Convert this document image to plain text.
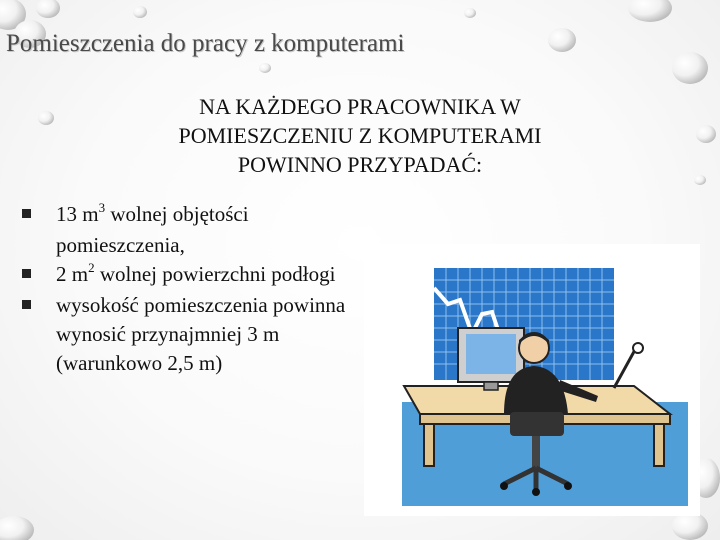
Pomieszczenia do pracy z komputerami
NA KAŻDEGO PRACOWNIKA W
POMIESZCZENIU Z KOMPUTERAMI
POWINNO PRZYPADAĆ:
13 $m^3$ wolnej objętości pomieszczenia,
2 $m^2$ wolnej powierzchni podłogi
wysokość pomieszczenia powinna wynosić przynajmniej 3 m (warunkowo 2,5 m)
